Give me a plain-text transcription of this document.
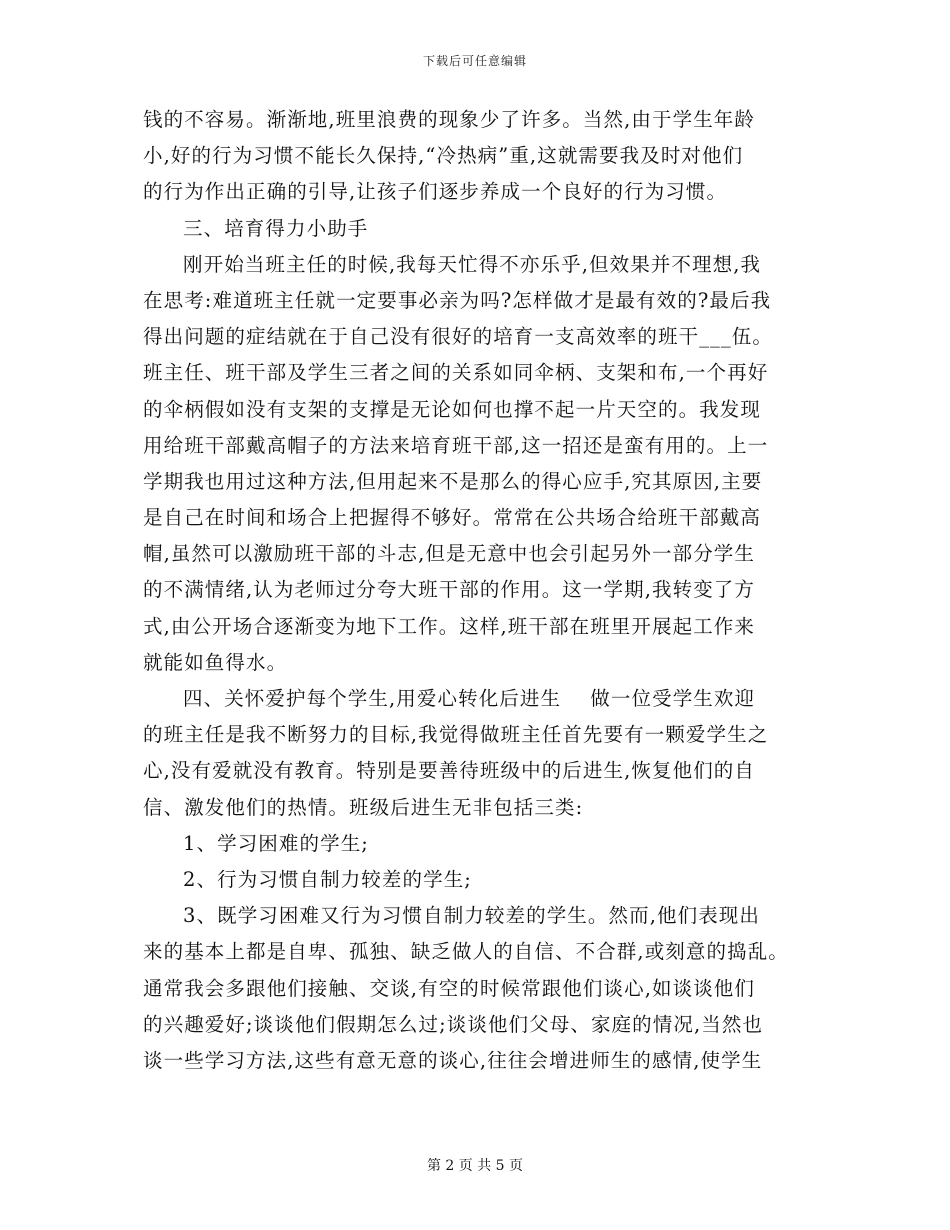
下载后可任意编辑
钱的不容易。渐渐地,班里浪费的现象少了许多。当然,由于学生年龄
小,好的行为习惯不能长久保持,“冷热病”重,这就需要我及时对他们
的行为作出正确的引导,让孩子们逐步养成一个良好的行为习惯。
三、培育得力小助手
刚开始当班主任的时候,我每天忙得不亦乐乎,但效果并不理想,我
在思考:难道班主任就一定要事必亲为吗?怎样做才是最有效的?最后我
得出问题的症结就在于自己没有很好的培育一支高效率的班干___伍。
班主任、班干部及学生三者之间的关系如同伞柄、支架和布,一个再好
的伞柄假如没有支架的支撑是无论如何也撑不起一片天空的。我发现
用给班干部戴高帽子的方法来培育班干部,这一招还是蛮有用的。上一
学期我也用过这种方法,但用起来不是那么的得心应手,究其原因,主要
是自己在时间和场合上把握得不够好。常常在公共场合给班干部戴高
帽,虽然可以激励班干部的斗志,但是无意中也会引起另外一部分学生
的不满情绪,认为老师过分夸大班干部的作用。这一学期,我转变了方
式,由公开场合逐渐变为地下工作。这样,班干部在班里开展起工作来
就能如鱼得水。
四、关怀爱护每个学生,用爱心转化后进生    做一位受学生欢迎
的班主任是我不断努力的目标,我觉得做班主任首先要有一颗爱学生之
心,没有爱就没有教育。特别是要善待班级中的后进生,恢复他们的自
信、激发他们的热情。班级后进生无非包括三类:
1、学习困难的学生;
2、行为习惯自制力较差的学生;
3、既学习困难又行为习惯自制力较差的学生。然而,他们表现出
来的基本上都是自卑、孤独、缺乏做人的自信、不合群,或刻意的捣乱。
通常我会多跟他们接触、交谈,有空的时候常跟他们谈心,如谈谈他们
的兴趣爱好;谈谈他们假期怎么过;谈谈他们父母、家庭的情况,当然也
谈一些学习方法,这些有意无意的谈心,往往会增进师生的感情,使学生
第 2 页 共 5 页
